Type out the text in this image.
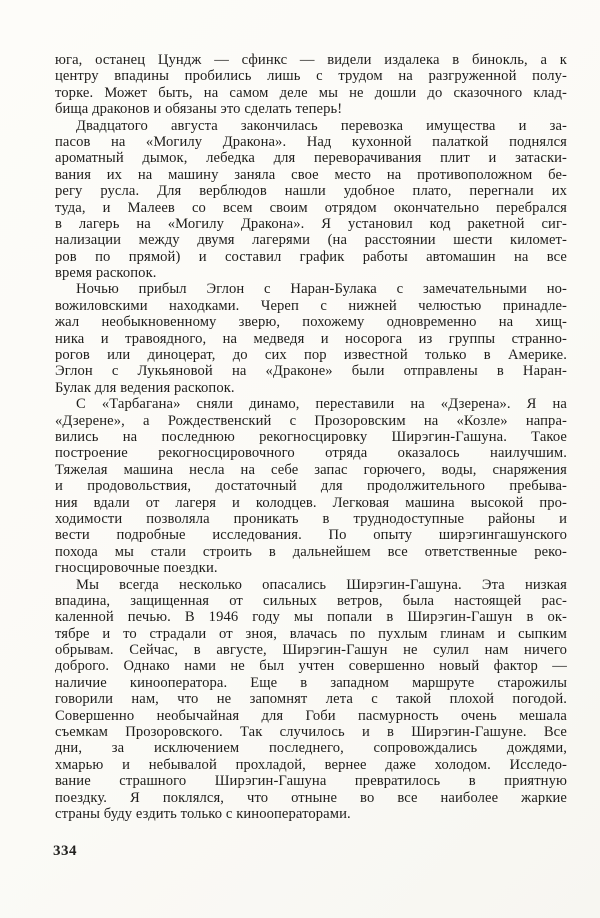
юга, останец Цундж — сфинкс — видели издалека в бинокль, а к
центру впадины пробились лишь с трудом на разгруженной полу-
торке. Может быть, на самом деле мы не дошли до сказочного клад-
бища драконов и обязаны это сделать теперь!
Двадцатого августа закончилась перевозка имущества и за-
пасов на «Могилу Дракона». Над кухонной палаткой поднялся
ароматный дымок, лебедка для переворачивания плит и затаски-
вания их на машину заняла свое место на противоположном бе-
регу русла. Для верблюдов нашли удобное плато, перегнали их
туда, и Малеев со всем своим отрядом окончательно перебрался
в лагерь на «Могилу Дракона». Я установил код ракетной сиг-
нализации между двумя лагерями (на расстоянии шести километ-
ров по прямой) и составил график работы автомашин на все
время раскопок.
Ночью прибыл Эглон с Наран-Булака с замечательными но-
вожиловскими находками. Череп с нижней челюстью принадле-
жал необыкновенному зверю, похожему одновременно на хищ-
ника и травоядного, на медведя и носорога из группы странно-
рогов или диноцерат, до сих пор известной только в Америке.
Эглон с Лукьяновой на «Драконе» были отправлены в Наран-
Булак для ведения раскопок.
С «Тарбагана» сняли динамо, переставили на «Дзерена». Я на
«Дзерене», а Рождественский с Прозоровским на «Козле» напра-
вились на последнюю рекогносцировку Ширэгин-Гашуна. Такое
построение рекогносцировочного отряда оказалось наилучшим.
Тяжелая машина несла на себе запас горючего, воды, снаряжения
и продовольствия, достаточный для продолжительного пребыва-
ния вдали от лагеря и колодцев. Легковая машина высокой про-
ходимости позволяла проникать в труднодоступные районы и
вести подробные исследования. По опыту ширэгингашунского
похода мы стали строить в дальнейшем все ответственные реко-
гносцировочные поездки.
Мы всегда несколько опасались Ширэгин-Гашуна. Эта низкая
впадина, защищенная от сильных ветров, была настоящей рас-
каленной печью. В 1946 году мы попали в Ширэгин-Гашун в ок-
тябре и то страдали от зноя, влачась по пухлым глинам и сыпким
обрывам. Сейчас, в августе, Ширэгин-Гашун не сулил нам ничего
доброго. Однако нами не был учтен совершенно новый фактор —
наличие кинооператора. Еще в западном маршруте старожилы
говорили нам, что не запомнят лета с такой плохой погодой.
Совершенно необычайная для Гоби пасмурность очень мешала
съемкам Прозоровского. Так случилось и в Ширэгин-Гашуне. Все
дни, за исключением последнего, сопровождались дождями,
хмарью и небывалой прохладой, вернее даже холодом. Исследо-
вание страшного Ширэгин-Гашуна превратилось в приятную
поездку. Я поклялся, что отныне во все наиболее жаркие
страны буду ездить только с кинооператорами.
334
